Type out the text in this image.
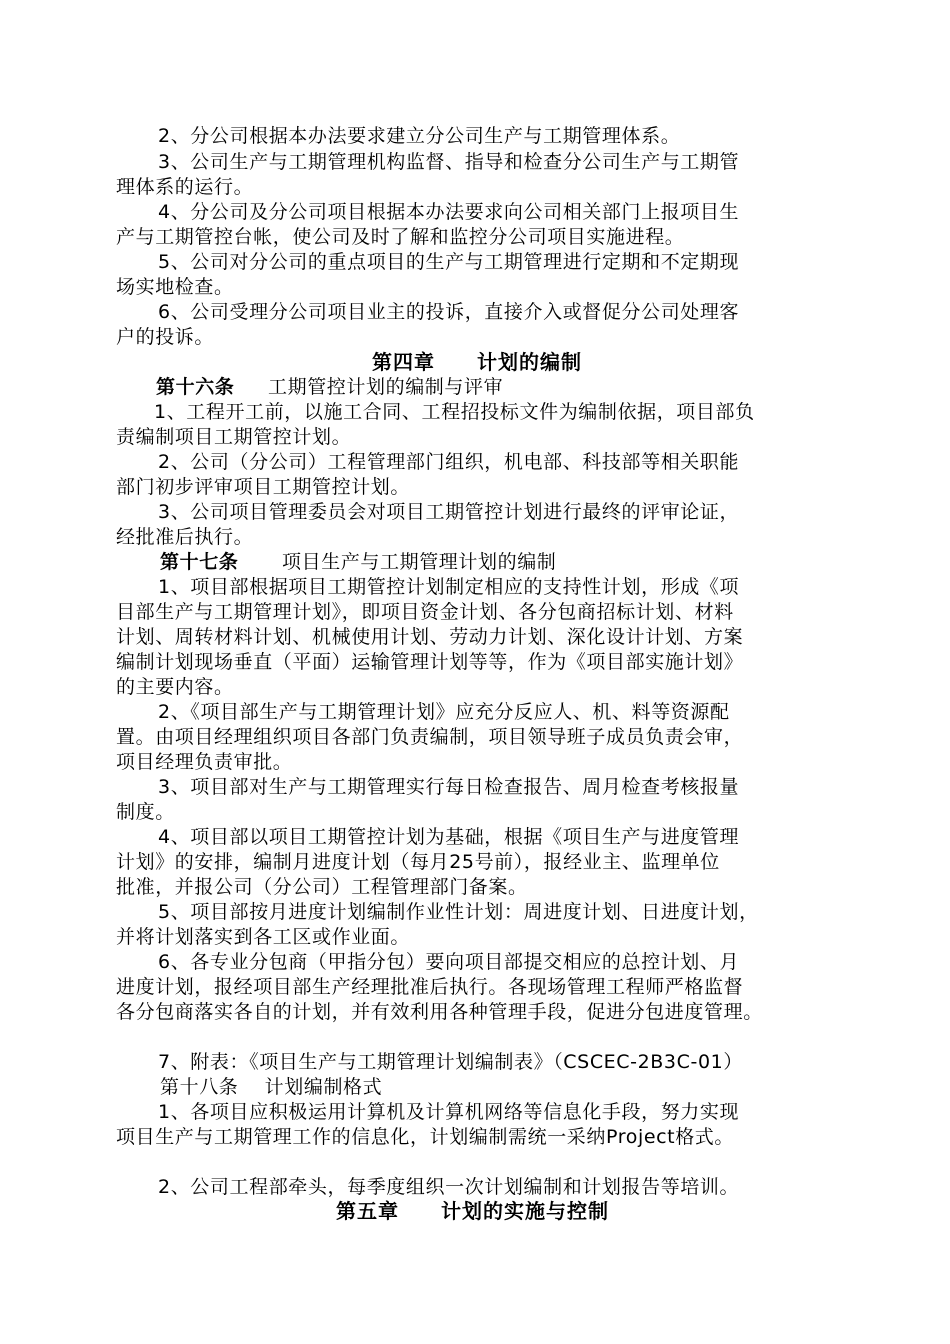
2、分公司根据本办法要求建立分公司生产与工期管理体系。
3、公司生产与工期管理机构监督、指导和检查分公司生产与工期管
理体系的运行。
4、分公司及分公司项目根据本办法要求向公司相关部门上报项目生
产与工期管控台帐，使公司及时了解和监控分公司项目实施进程。
5、公司对分公司的重点项目的生产与工期管理进行定期和不定期现
场实地检查。
6、公司受理分公司项目业主的投诉，直接介入或督促分公司处理客
户的投诉。
第四章　　计划的编制
第十六条 工期管控计划的编制与评审
1、工程开工前，以施工合同、工程招投标文件为编制依据，项目部负
责编制项目工期管控计划。
2、公司（分公司）工程管理部门组织，机电部、科技部等相关职能
部门初步评审项目工期管控计划。
3、公司项目管理委员会对项目工期管控计划进行最终的评审论证，
经批准后执行。
第十七条 项目生产与工期管理计划的编制
1、项目部根据项目工期管控计划制定相应的支持性计划，形成《项
目部生产与工期管理计划》，即项目资金计划、各分包商招标计划、材料
计划、周转材料计划、机械使用计划、劳动力计划、深化设计计划、方案
编制计划现场垂直（平面）运输管理计划等等，作为《项目部实施计划》
的主要内容。
2、《项目部生产与工期管理计划》应充分反应人、机、料等资源配
置。由项目经理组织项目各部门负责编制，项目领导班子成员负责会审，
项目经理负责审批。
3、项目部对生产与工期管理实行每日检查报告、周月检查考核报量
制度。
4、项目部以项目工期管控计划为基础，根据《项目生产与进度管理
计划》的安排，编制月进度计划（每月25号前），报经业主、监理单位
批准，并报公司（分公司）工程管理部门备案。
5、项目部按月进度计划编制作业性计划：周进度计划、日进度计划，
并将计划落实到各工区或作业面。
6、各专业分包商（甲指分包）要向项目部提交相应的总控计划、月
进度计划，报经项目部生产经理批准后执行。各现场管理工程师严格监督
各分包商落实各自的计划，并有效利用各种管理手段，促进分包进度管理。
7、附表：《项目生产与工期管理计划编制表》（CSCEC-2B3C-01）
第十八条　 计划编制格式
1、各项目应积极运用计算机及计算机网络等信息化手段，努力实现
项目生产与工期管理工作的信息化，计划编制需统一采纳Project格式。
2、公司工程部牵头，每季度组织一次计划编制和计划报告等培训。
第五章　　计划的实施与控制
